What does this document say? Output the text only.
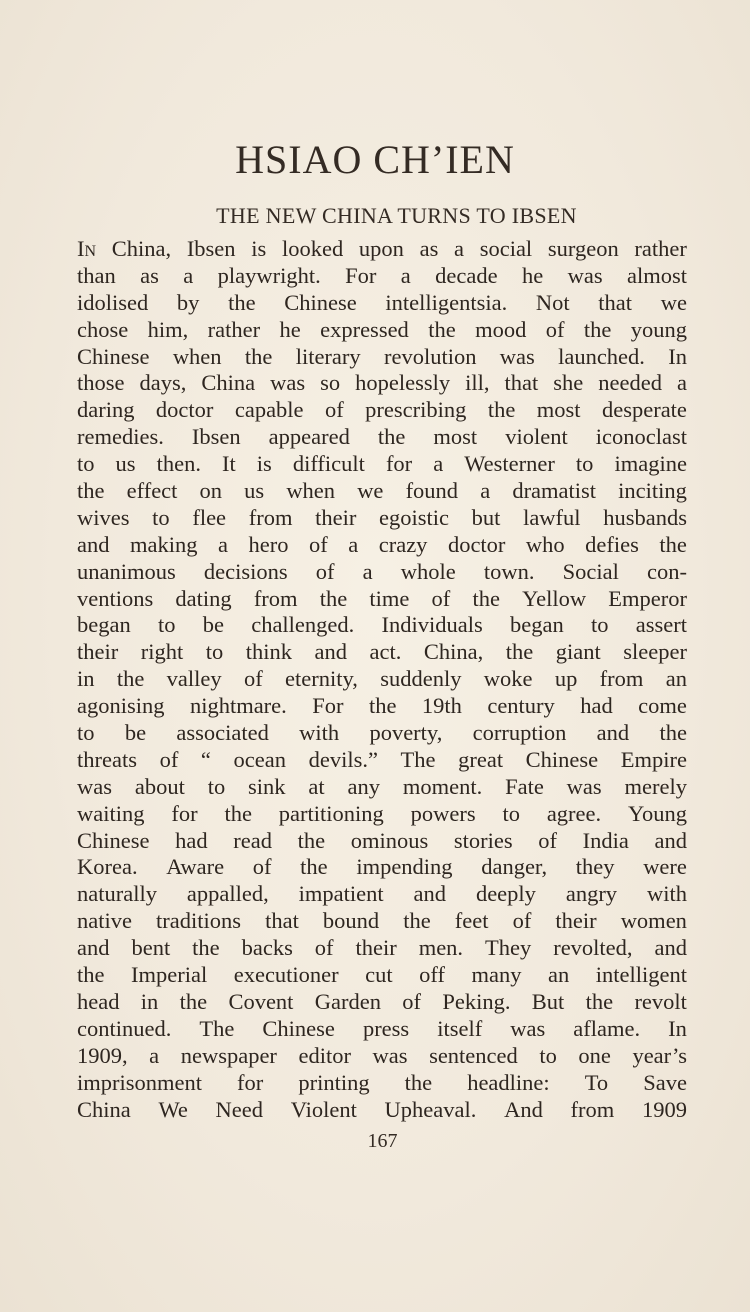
HSIAO CH’IEN
THE NEW CHINA TURNS TO IBSEN
In China, Ibsen is looked upon as a social surgeon rather
than as a playwright. For a decade he was almost
idolised by the Chinese intelligentsia. Not that we
chose him, rather he expressed the mood of the young
Chinese when the literary revolution was launched. In
those days, China was so hopelessly ill, that she needed a
daring doctor capable of prescribing the most desperate
remedies. Ibsen appeared the most violent iconoclast
to us then. It is difficult for a Westerner to imagine
the effect on us when we found a dramatist inciting
wives to flee from their egoistic but lawful husbands
and making a hero of a crazy doctor who defies the
unanimous decisions of a whole town. Social con-
ventions dating from the time of the Yellow Emperor
began to be challenged. Individuals began to assert
their right to think and act. China, the giant sleeper
in the valley of eternity, suddenly woke up from an
agonising nightmare. For the 19th century had come
to be associated with poverty, corruption and the
threats of “ ocean devils.” The great Chinese Empire
was about to sink at any moment. Fate was merely
waiting for the partitioning powers to agree. Young
Chinese had read the ominous stories of India and
Korea. Aware of the impending danger, they were
naturally appalled, impatient and deeply angry with
native traditions that bound the feet of their women
and bent the backs of their men. They revolted, and
the Imperial executioner cut off many an intelligent
head in the Covent Garden of Peking. But the revolt
continued. The Chinese press itself was aflame. In
1909, a newspaper editor was sentenced to one year’s
imprisonment for printing the headline: To Save
China We Need Violent Upheaval. And from 1909
167
